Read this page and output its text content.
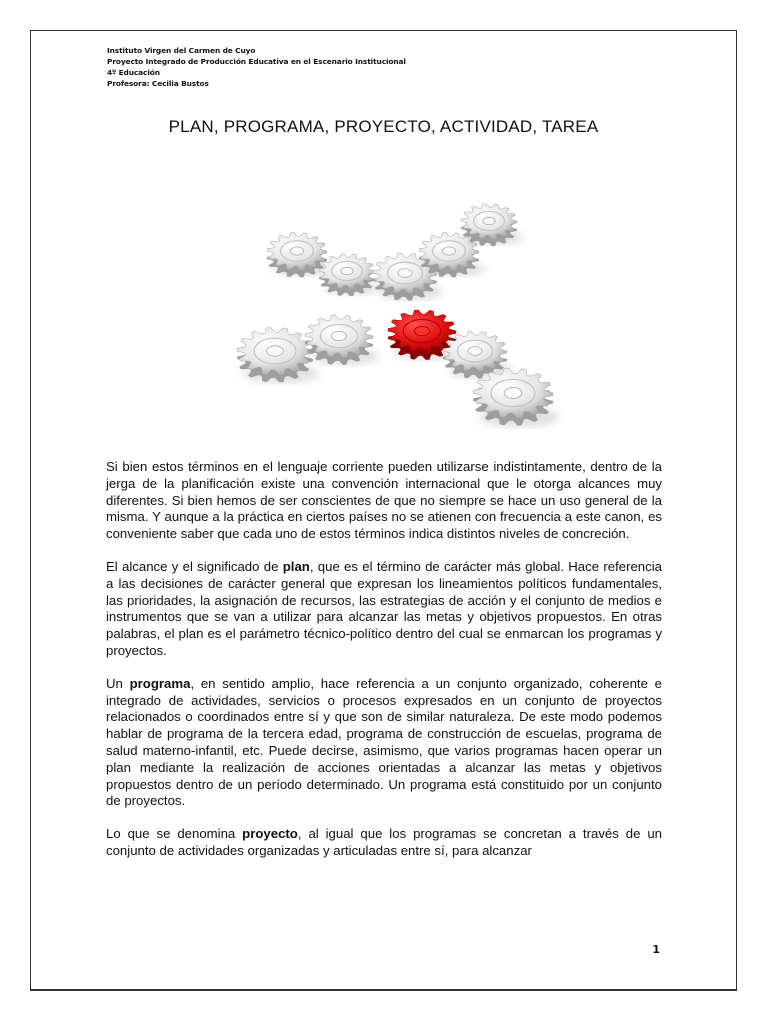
Instituto Virgen del Carmen de Cuyo
Proyecto Integrado de Producción Educativa en el Escenario Institucional
4º Educación
Profesora: Cecilia Bustos
PLAN, PROGRAMA, PROYECTO, ACTIVIDAD, TAREA

Si bien estos términos en el lenguaje corriente pueden utilizarse indistintamente, dentro de la jerga de la planificación existe una convención internacional que le otorga alcances muy diferentes. Si bien hemos de ser conscientes de que no siempre se hace un uso general de la misma. Y aunque a la práctica en ciertos países no se atienen con frecuencia a este canon, es conveniente saber que cada uno de estos términos indica distintos niveles de concreción.

El alcance y el significado de plan, que es el término de carácter más global. Hace referencia a las decisiones de carácter general que expresan los lineamientos políticos fundamentales, las prioridades, la asignación de recursos, las estrategias de acción y el conjunto de medios e instrumentos que se van a utilizar para alcanzar las metas y objetivos propuestos. En otras palabras, el plan es el parámetro técnico-político dentro del cual se enmarcan los programas y proyectos.

Un programa, en sentido amplio, hace referencia a un conjunto organizado, coherente e integrado de actividades, servicios o procesos expresados en un conjunto de proyectos relacionados o coordinados entre sí y que son de similar naturaleza. De este modo podemos hablar de programa de la tercera edad, programa de construcción de escuelas, programa de salud materno-infantil, etc. Puede decirse, asimismo, que varios programas hacen operar un plan mediante la realización de acciones orientadas a alcanzar las metas y objetivos propuestos dentro de un período determinado. Un programa está constituido por un conjunto de proyectos.

Lo que se denomina proyecto, al igual que los programas se concretan a través de un conjunto de actividades organizadas y articuladas entre sí, para alcanzar

1
